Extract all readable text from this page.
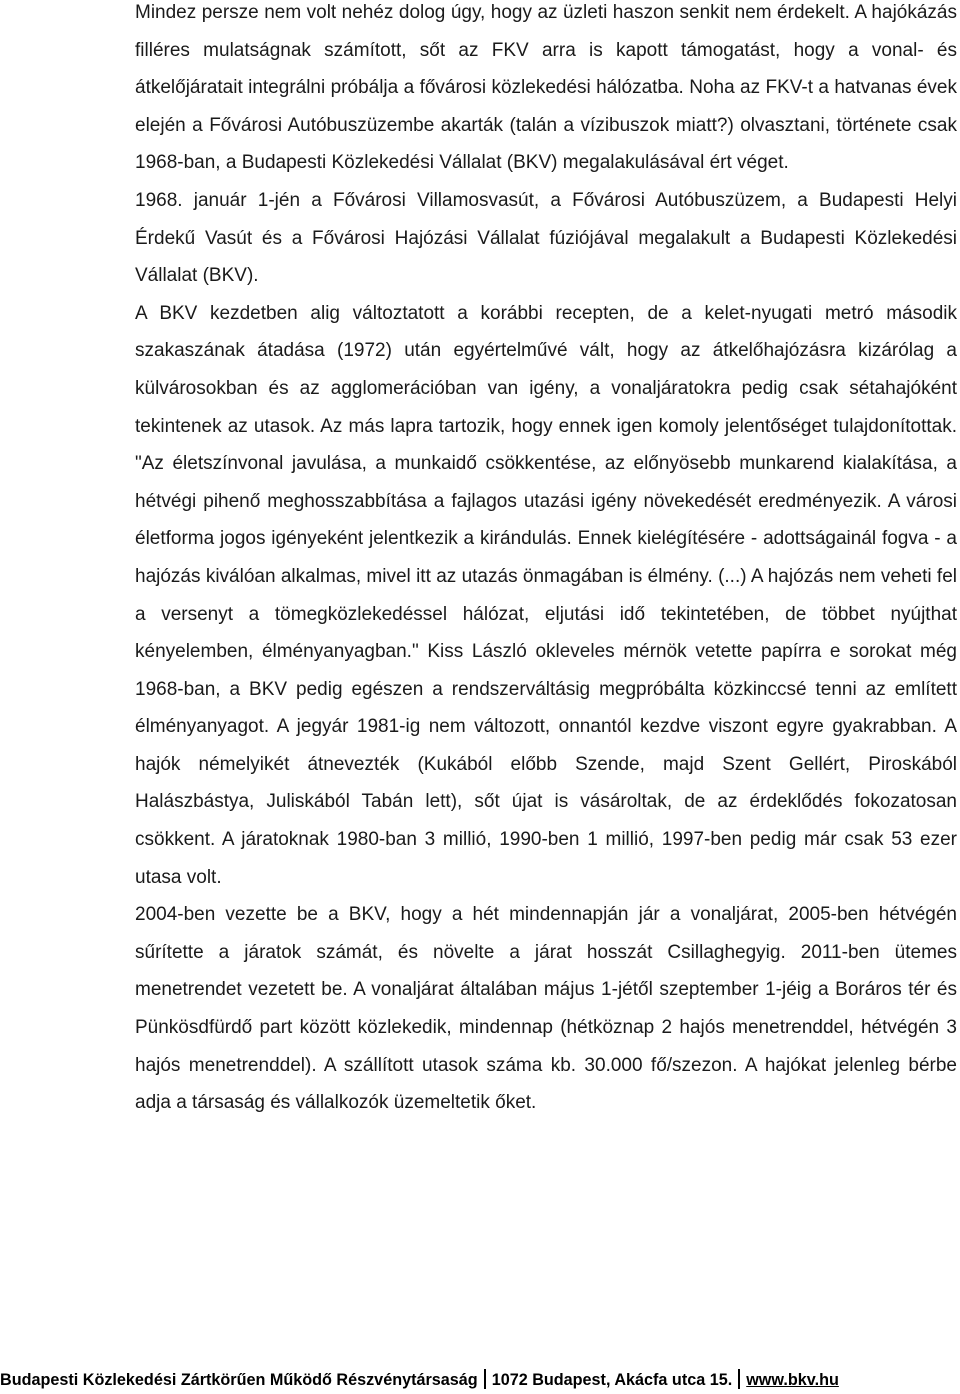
Mindez persze nem volt nehéz dolog úgy, hogy az üzleti haszon senkit nem érdekelt. A hajókázás filléres mulatságnak számított, sőt az FKV arra is kapott támogatást, hogy a vonal- és átkelőjáratait integrálni próbálja a fővárosi közlekedési hálózatba. Noha az FKV-t a hatvanas évek elején a Fővárosi Autóbuszüzembe akarták (talán a vízibuszok miatt?) olvasztani, története csak 1968-ban, a Budapesti Közlekedési Vállalat (BKV) megalakulásával ért véget.

1968. január 1-jén a Fővárosi Villamosvasút, a Fővárosi Autóbuszüzem, a Budapesti Helyi Érdekű Vasút és a Fővárosi Hajózási Vállalat fúziójával megalakult a Budapesti Közlekedési Vállalat (BKV).

A BKV kezdetben alig változtatott a korábbi recepten, de a kelet-nyugati metró második szakaszának átadása (1972) után egyértelművé vált, hogy az átkelőhajózásra kizárólag a külvárosokban és az agglomerációban van igény, a vonaljáratokra pedig csak sétahajóként tekintenek az utasok. Az más lapra tartozik, hogy ennek igen komoly jelentőséget tulajdonítottak. "Az életszínvonal javulása, a munkaidő csökkentése, az előnyösebb munkarend kialakítása, a hétvégi pihenő meghosszabbítása a fajlagos utazási igény növekedését eredményezik. A városi életforma jogos igényeként jelentkezik a kirándulás. Ennek kielégítésére - adottságainál fogva - a hajózás kiválóan alkalmas, mivel itt az utazás önmagában is élmény. (...) A hajózás nem veheti fel a versenyt a tömegközlekedéssel hálózat, eljutási idő tekintetében, de többet nyújthat kényelemben, élményanyagban." Kiss László okleveles mérnök vetette papírra e sorokat még 1968-ban, a BKV pedig egészen a rendszerváltásig megpróbálta közkinccsé tenni az említett élményanyagot. A jegyár 1981-ig nem változott, onnantól kezdve viszont egyre gyakrabban. A hajók némelyikét átnevezték (Kukából előbb Szende, majd Szent Gellért, Piroskából Halászbástya, Juliskából Tabán lett), sőt újat is vásároltak, de az érdeklődés fokozatosan csökkent. A járatoknak 1980-ban 3 millió, 1990-ben 1 millió, 1997-ben pedig már csak 53 ezer utasa volt.

2004-ben vezette be a BKV, hogy a hét mindennapján jár a vonaljárat, 2005-ben hétvégén sűrítette a járatok számát, és növelte a járat hosszát Csillaghegyig. 2011-ben ütemes menetrendet vezetett be. A vonaljárat általában május 1-jétől szeptember 1-jéig a Boráros tér és Pünkösdfürdő part között közlekedik, mindennap (hétköznap 2 hajós menetrenddel, hétvégén 3 hajós menetrenddel). A szállított utasok száma kb. 30.000 fő/szezon. A hajókat jelenleg bérbe adja a társaság és vállalkozók üzemeltetik őket.

Budapesti Közlekedési Zártkörűen Működő Részvénytársaság 1072 Budapest, Akácfa utca 15. www.bkv.hu
